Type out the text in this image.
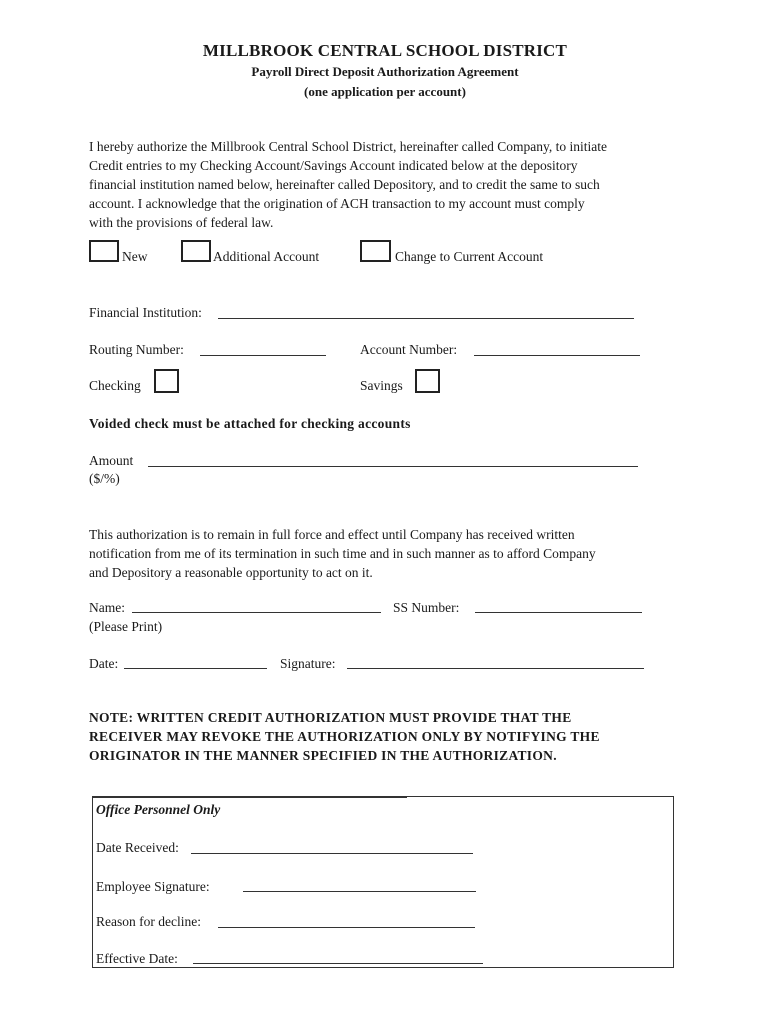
MILLBROOK CENTRAL SCHOOL DISTRICT
Payroll Direct Deposit Authorization Agreement
(one application per account)
I hereby authorize the Millbrook Central School District, hereinafter called Company, to initiate
Credit entries to my Checking Account/Savings Account indicated below at the depository
financial institution named below, hereinafter called Depository, and to credit the same to such
account. I acknowledge that the origination of ACH transaction to my account must comply
with the provisions of federal law.
New	Additional Account	Change to Current Account
Financial Institution:
Routing Number:	Account Number:
Checking	Savings
Voided check must be attached for checking accounts
Amount
($/%)
This authorization is to remain in full force and effect until Company has received written
notification from me of its termination in such time and in such manner as to afford Company
and Depository a reasonable opportunity to act on it.
Name:
(Please Print)
SS Number:
Date:	Signature:
NOTE: WRITTEN CREDIT AUTHORIZATION MUST PROVIDE THAT THE
RECEIVER MAY REVOKE THE AUTHORIZATION ONLY BY NOTIFYING THE
ORIGINATOR IN THE MANNER SPECIFIED IN THE AUTHORIZATION.
Office Personnel Only
Date Received:
Employee Signature:
Reason for decline:
Effective Date:
